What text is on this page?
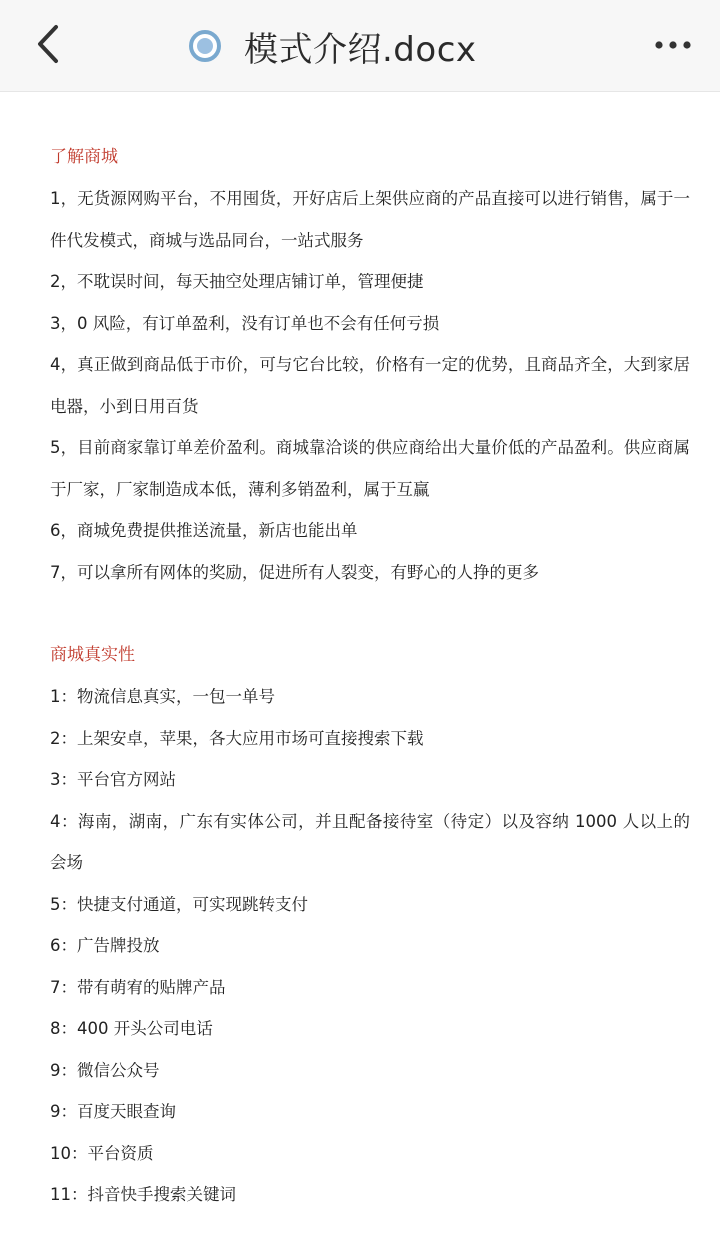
模式介绍.docx
了解商城
1，无货源网购平台，不用囤货，开好店后上架供应商的产品直接可以进行销售，属于一件代发模式，商城与选品同台，一站式服务
2，不耽误时间，每天抽空处理店铺订单，管理便捷
3，0 风险，有订单盈利，没有订单也不会有任何亏损
4，真正做到商品低于市价，可与它台比较，价格有一定的优势，且商品齐全，大到家居电器，小到日用百货
5，目前商家靠订单差价盈利。商城靠洽谈的供应商给出大量价低的产品盈利。供应商属于厂家，厂家制造成本低，薄利多销盈利，属于互赢
6，商城免费提供推送流量，新店也能出单
7，可以拿所有网体的奖励，促进所有人裂变，有野心的人挣的更多
商城真实性
1：物流信息真实，一包一单号
2：上架安卓，苹果，各大应用市场可直接搜索下载
3：平台官方网站
4：海南，湖南，广东有实体公司，并且配备接待室（待定）以及容纳 1000 人以上的会场
5：快捷支付通道，可实现跳转支付
6：广告牌投放
7：带有萌宥的贴牌产品
8：400 开头公司电话
9：微信公众号
9：百度天眼查询
10：平台资质
11：抖音快手搜索关键词
